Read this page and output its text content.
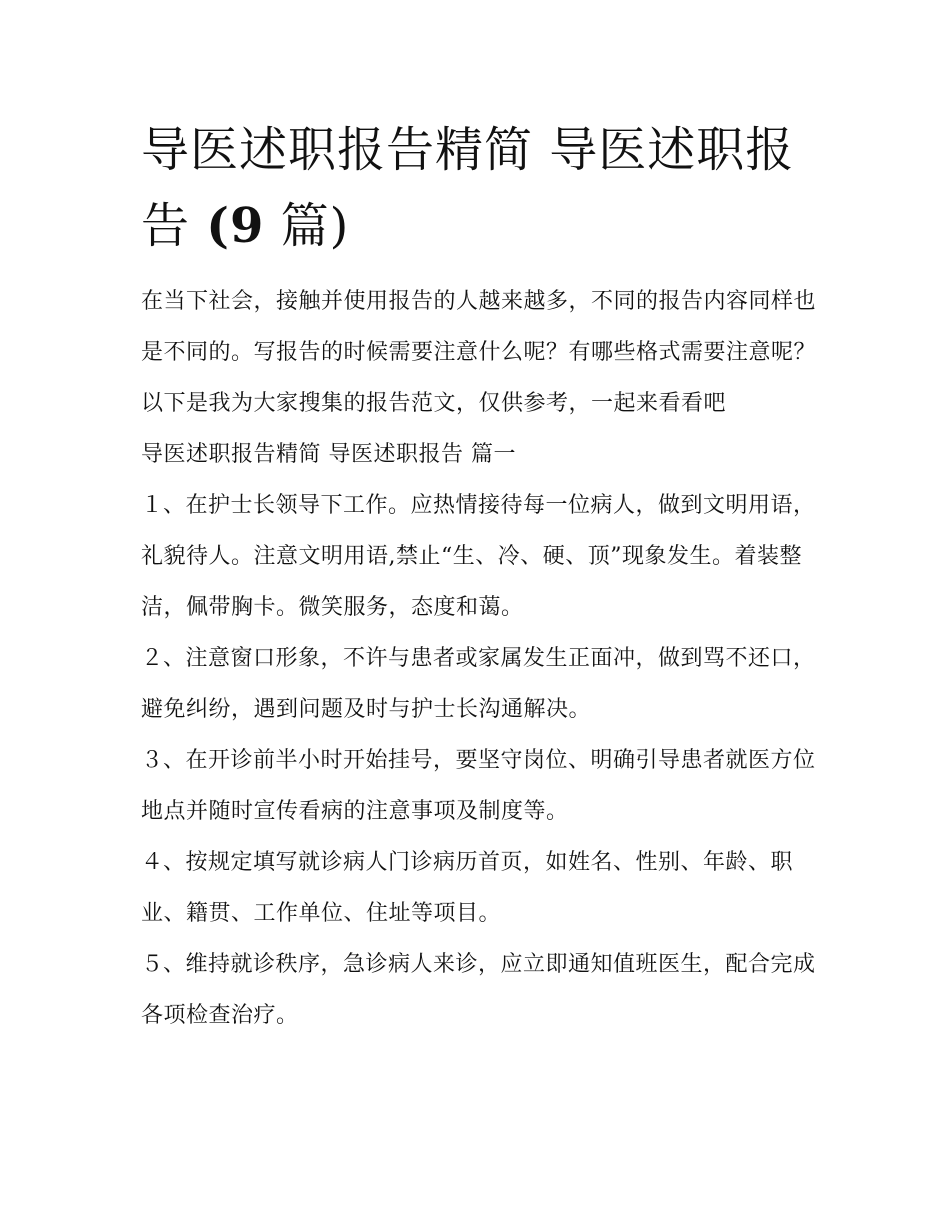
导医述职报告精简 导医述职报告 (9 篇)

在当下社会，接触并使用报告的人越来越多，不同的报告内容同样也是不同的。写报告的时候需要注意什么呢？有哪些格式需要注意呢？以下是我为大家搜集的报告范文，仅供参考，一起来看看吧

导医述职报告精简 导医述职报告 篇一

１、在护士长领导下工作。应热情接待每一位病人，做到文明用语，礼貌待人。注意文明用语,禁止“生、冷、硬、顶”现象发生。着装整洁，佩带胸卡。微笑服务，态度和蔼。

２、注意窗口形象，不许与患者或家属发生正面冲，做到骂不还口，避免纠纷，遇到问题及时与护士长沟通解决。

３、在开诊前半小时开始挂号，要坚守岗位、明确引导患者就医方位地点并随时宣传看病的注意事项及制度等。

４、按规定填写就诊病人门诊病历首页，如姓名、性别、年龄、职业、籍贯、工作单位、住址等项目。

５、维持就诊秩序，急诊病人来诊，应立即通知值班医生，配合完成各项检查治疗。
